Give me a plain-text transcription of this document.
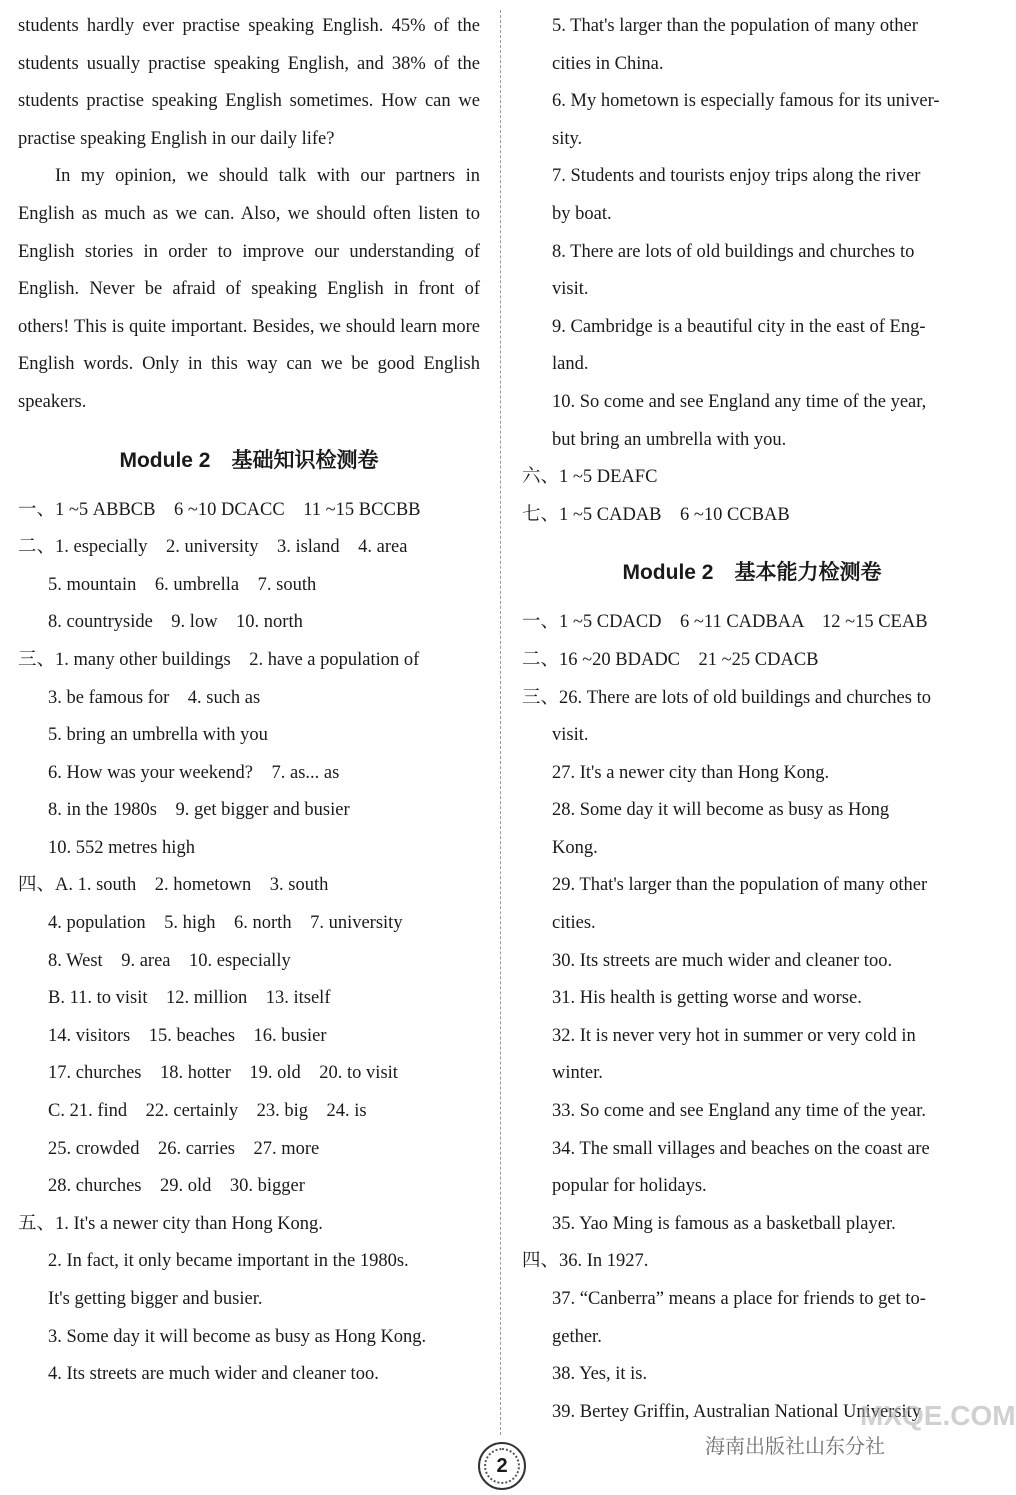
students hardly ever practise speaking English. 45% of the students usually practise speaking English, and 38% of the students practise speaking English sometimes. How can we practise speaking English in our daily life?

In my opinion, we should talk with our partners in English as much as we can. Also, we should often listen to English stories in order to improve our understanding of English. Never be afraid of speaking English in front of others! This is quite important. Besides, we should learn more English words. Only in this way can we be good English speakers.

Module 2　基础知识检测卷
一、1 ~5 ABBCB　6 ~10 DCACC　11 ~15 BCCBB
二、1. especially　2. university　3. island　4. area
5. mountain　6. umbrella　7. south
8. countryside　9. low　10. north
三、1. many other buildings　2. have a population of
3. be famous for　4. such as
5. bring an umbrella with you
6. How was your weekend?　7. as... as
8. in the 1980s　9. get bigger and busier
10. 552 metres high
四、A. 1. south　2. hometown　3. south
4. population　5. high　6. north　7. university
8. West　9. area　10. especially
B. 11. to visit　12. million　13. itself
14. visitors　15. beaches　16. busier
17. churches　18. hotter　19. old　20. to visit
C. 21. find　22. certainly　23. big　24. is
25. crowded　26. carries　27. more
28. churches　29. old　30. bigger
五、1. It's a newer city than Hong Kong.
2. In fact, it only became important in the 1980s.
It's getting bigger and busier.
3. Some day it will become as busy as Hong Kong.
4. Its streets are much wider and cleaner too.
5. That's larger than the population of many other
cities in China.
6. My hometown is especially famous for its univer-
sity.
7. Students and tourists enjoy trips along the river
by boat.
8. There are lots of old buildings and churches to
visit.
9. Cambridge is a beautiful city in the east of Eng-
land.
10. So come and see England any time of the year,
but bring an umbrella with you.
六、1 ~5 DEAFC
七、1 ~5 CADAB　6 ~10 CCBAB
Module 2　基本能力检测卷
一、1 ~5 CDACD　6 ~11 CADBAA　12 ~15 CEAB
二、16 ~20 BDADC　21 ~25 CDACB
三、26. There are lots of old buildings and churches to
visit.
27. It's a newer city than Hong Kong.
28. Some day it will become as busy as Hong
Kong.
29. That's larger than the population of many other
cities.
30. Its streets are much wider and cleaner too.
31. His health is getting worse and worse.
32. It is never very hot in summer or very cold in
winter.
33. So come and see England any time of the year.
34. The small villages and beaches on the coast are
popular for holidays.
35. Yao Ming is famous as a basketball player.
四、36. In 1927.
37. “Canberra” means a place for friends to get to-
gether.
38. Yes, it is.
39. Bertey Griffin, Australian National University
2
海南出版社山东分社
MXQE.COM
